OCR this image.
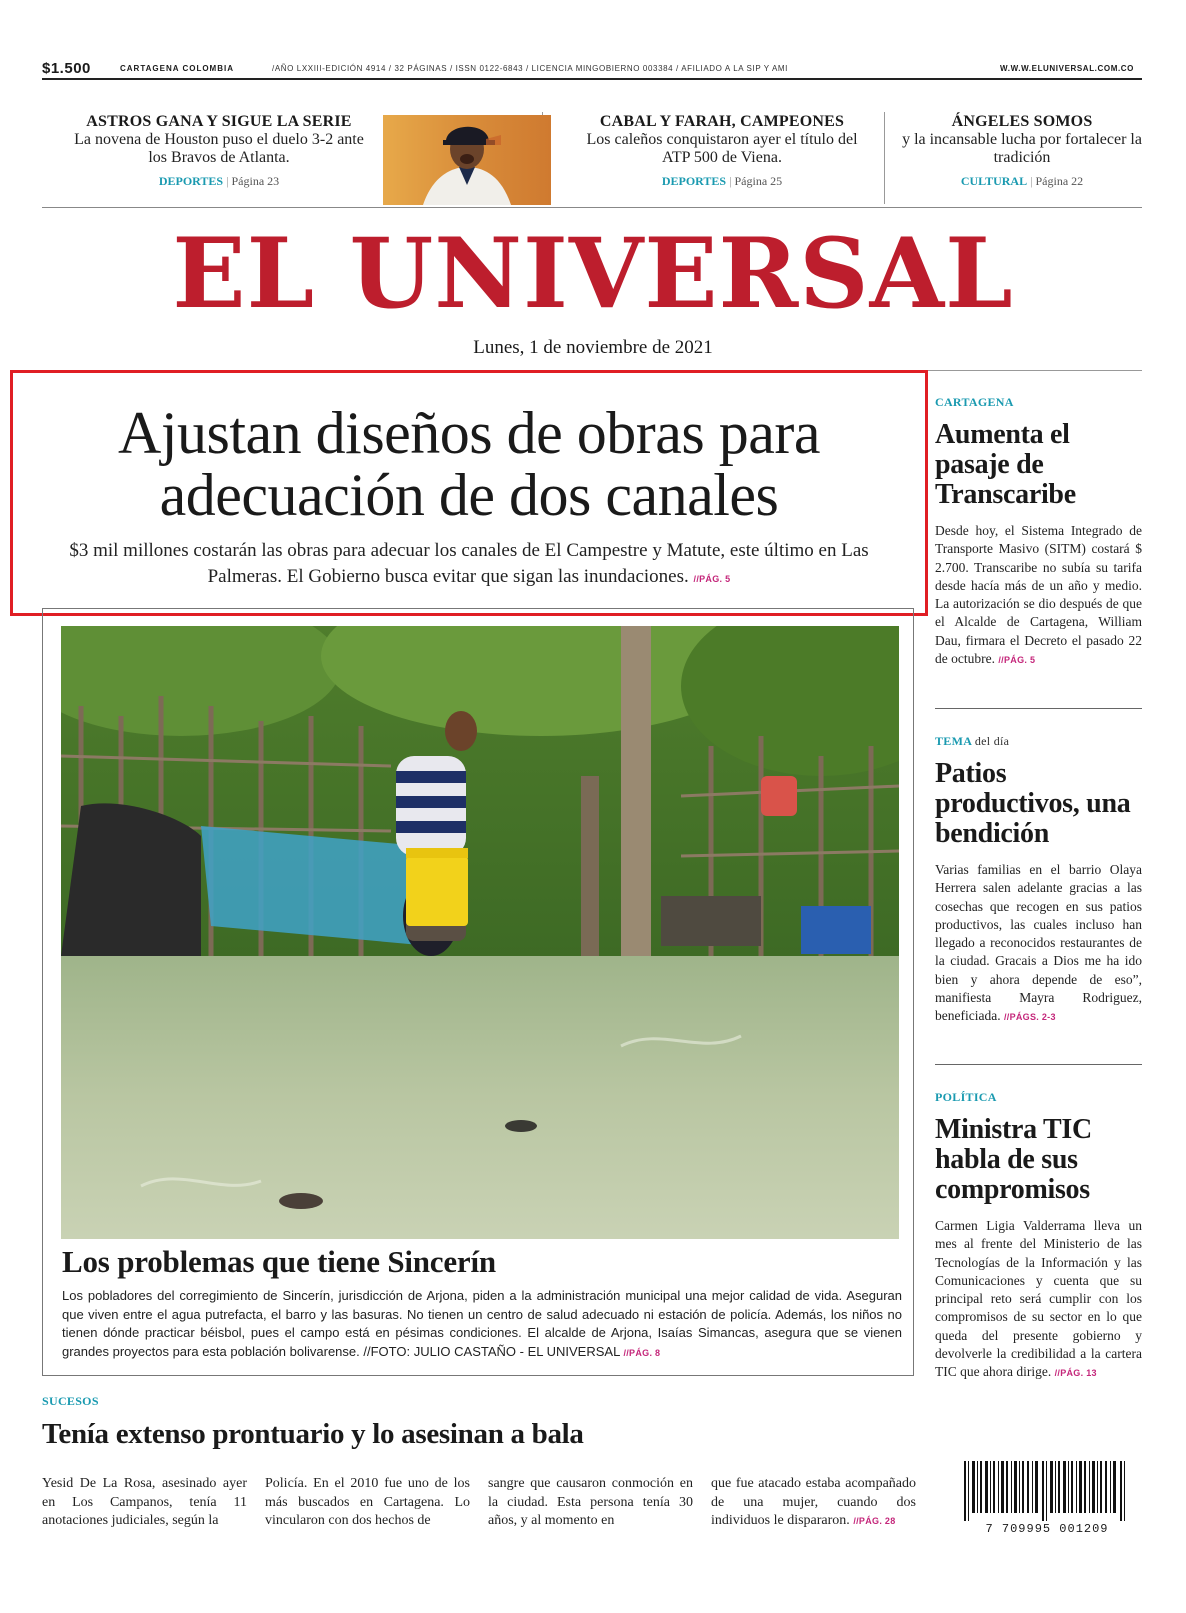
$1.500	CARTAGENA COLOMBIA	/AÑO LXXIII-EDICIÓN 4914 / 32 PÁGINAS / ISSN 0122-6843 / LICENCIA MINGOBIERNO 003384 / AFILIADO A LA SIP Y AMI	W.W.W.ELUNIVERSAL.COM.CO
ASTROS GANA Y SIGUE LA SERIE
La novena de Houston puso el duelo 3-2 ante los Bravos de Atlanta.
DEPORTES | Página 23
CABAL Y FARAH, CAMPEONES
Los caleños conquistaron ayer el título del ATP 500 de Viena.
DEPORTES | Página 25
ÁNGELES SOMOS
y la incansable lucha por fortalecer la tradición
CULTURAL | Página 22
EL UNIVERSAL
Lunes, 1 de noviembre de 2021
Ajustan diseños de obras para adecuación de dos canales
$3 mil millones costarán las obras para adecuar los canales de El Campestre y Matute, este último en Las Palmeras. El Gobierno busca evitar que sigan las inundaciones. //PÁG. 5
Los problemas que tiene Sincerín
Los pobladores del corregimiento de Sincerín, jurisdicción de Arjona, piden a la administración municipal una mejor calidad de vida. Aseguran que viven entre el agua putrefacta, el barro y las basuras. No tienen un centro de salud adecuado ni estación de policía. Además, los niños no tienen dónde practicar béisbol, pues el campo está en pésimas condiciones. El alcalde de Arjona, Isaías Simancas, asegura que se vienen grandes proyectos para esta población bolivarense. //FOTO: JULIO CASTAÑO - EL UNIVERSAL //PÁG. 8
CARTAGENA
Aumenta el pasaje de Transcaribe
Desde hoy, el Sistema Integrado de Transporte Masivo (SITM) costará $ 2.700. Transcaribe no subía su tarifa desde hacía más de un año y medio. La autorización se dio después de que el Alcalde de Cartagena, William Dau, firmara el Decreto el pasado 22 de octubre. //PÁG. 5
TEMA del día
Patios productivos, una bendición
Varias familias en el barrio Olaya Herrera salen adelante gracias a las cosechas que recogen en sus patios productivos, las cuales incluso han llegado a reconocidos restaurantes de la ciudad. Gracais a Dios me ha ido bien y ahora depende de eso”, manifiesta Mayra Rodriguez, beneficiada. //PÁGS. 2-3
POLÍTICA
Ministra TIC habla de sus compromisos
Carmen Ligia Valderrama lleva un mes al frente del Ministerio de las Tecnologías de la Información y las Comunicaciones y cuenta que su principal reto será cumplir con los compromisos de su sector en lo que queda del presente gobierno y devolverle la credibilidad a la cartera TIC que ahora dirige. //PÁG. 13
7 709995 001209
SUCESOS
Tenía extenso prontuario y lo asesinan a bala
Yesid De La Rosa, asesinado ayer en Los Campanos, tenía 11 anotaciones judiciales, según la
Policía. En el 2010 fue uno de los más buscados en Cartagena. Lo vincularon con dos hechos de
sangre que causaron conmoción en la ciudad. Esta persona tenía 30 años, y al momento en
que fue atacado estaba acompañado de una mujer, cuando dos individuos le dispararon. //PÁG. 28
